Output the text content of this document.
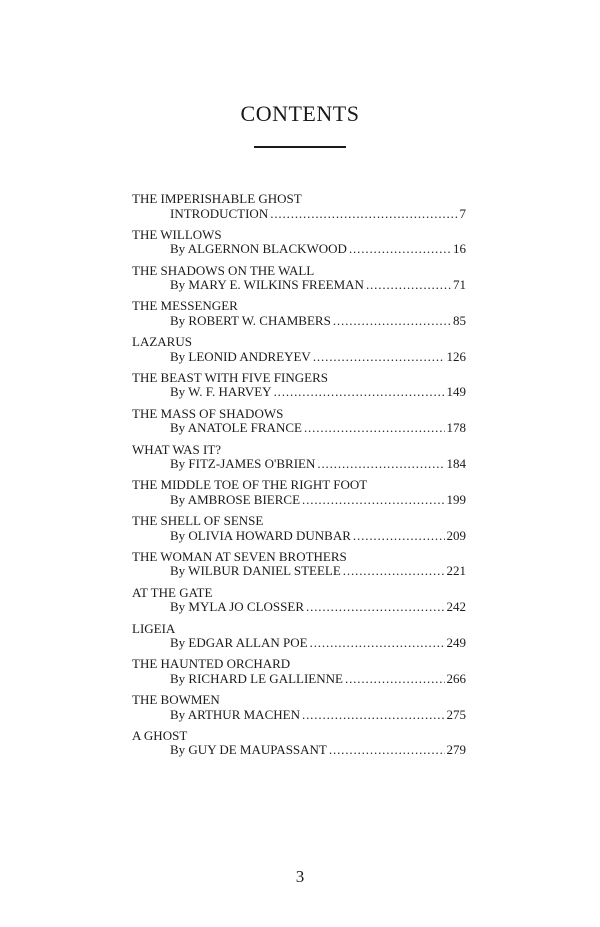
CONTENTS
THE IMPERISHABLE GHOST
INTRODUCTION . . .	7
THE WILLOWS
By ALGERNON BLACKWOOD . . .	16
THE SHADOWS ON THE WALL
By MARY E. WILKINS FREEMAN . . .	71
THE MESSENGER
By ROBERT W. CHAMBERS . . .	85
LAZARUS
By LEONID ANDREYEV . . .	126
THE BEAST WITH FIVE FINGERS
By W. F. HARVEY . . .	149
THE MASS OF SHADOWS
By ANATOLE FRANCE . . .	178
WHAT WAS IT?
By FITZ-JAMES O'BRIEN . . .	184
THE MIDDLE TOE OF THE RIGHT FOOT
By AMBROSE BIERCE . . .	199
THE SHELL OF SENSE
By OLIVIA HOWARD DUNBAR . . .	209
THE WOMAN AT SEVEN BROTHERS
By WILBUR DANIEL STEELE . . .	221
AT THE GATE
By MYLA JO CLOSSER . . .	242
LIGEIA
By EDGAR ALLAN POE . . .	249
THE HAUNTED ORCHARD
By RICHARD LE GALLIENNE . . .	266
THE BOWMEN
By ARTHUR MACHEN . . .	275
A GHOST
By GUY DE MAUPASSANT . . .	279
3
